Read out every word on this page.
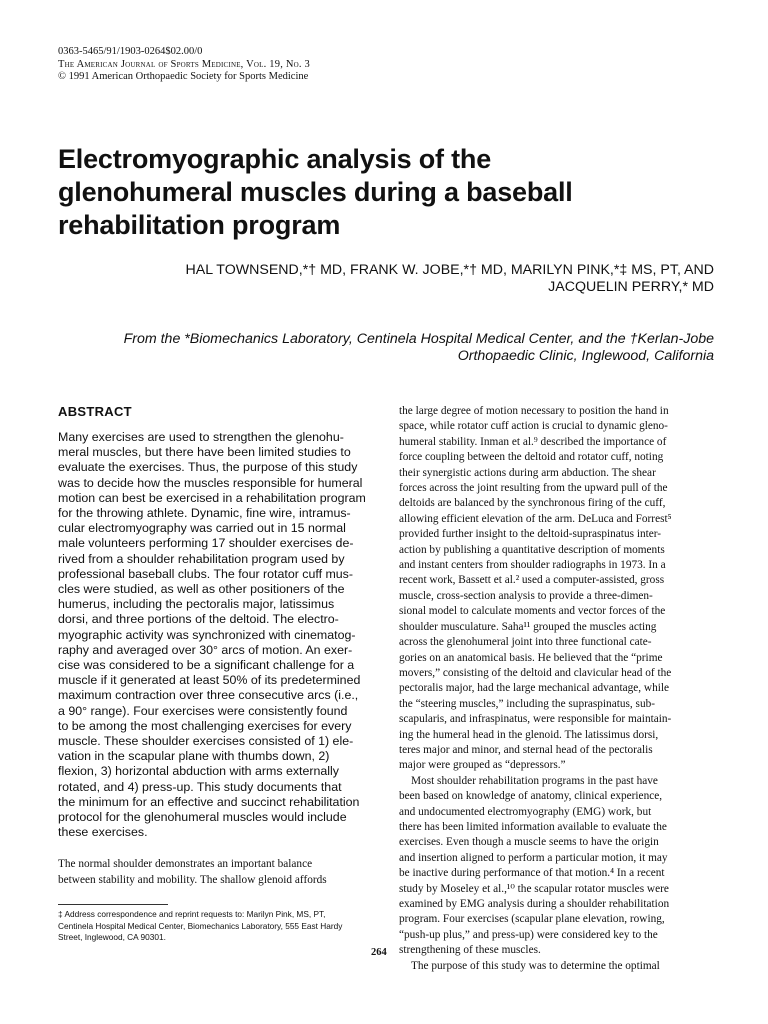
0363-5465/91/1903-0264$02.00/0
The American Journal of Sports Medicine, Vol. 19, No. 3
© 1991 American Orthopaedic Society for Sports Medicine
Electromyographic analysis of the
glenohumeral muscles during a baseball
rehabilitation program
HAL TOWNSEND,*† MD, FRANK W. JOBE,*† MD, MARILYN PINK,*‡ MS, PT, AND
JACQUELIN PERRY,* MD
From the *Biomechanics Laboratory, Centinela Hospital Medical Center, and the †Kerlan-Jobe
Orthopaedic Clinic, Inglewood, California
ABSTRACT
Many exercises are used to strengthen the glenohu-
meral muscles, but there have been limited studies to
evaluate the exercises. Thus, the purpose of this study
was to decide how the muscles responsible for humeral
motion can best be exercised in a rehabilitation program
for the throwing athlete. Dynamic, fine wire, intramus-
cular electromyography was carried out in 15 normal
male volunteers performing 17 shoulder exercises de-
rived from a shoulder rehabilitation program used by
professional baseball clubs. The four rotator cuff mus-
cles were studied, as well as other positioners of the
humerus, including the pectoralis major, latissimus
dorsi, and three portions of the deltoid. The electro-
myographic activity was synchronized with cinematog-
raphy and averaged over 30° arcs of motion. An exer-
cise was considered to be a significant challenge for a
muscle if it generated at least 50% of its predetermined
maximum contraction over three consecutive arcs (i.e.,
a 90° range). Four exercises were consistently found
to be among the most challenging exercises for every
muscle. These shoulder exercises consisted of 1) ele-
vation in the scapular plane with thumbs down, 2)
flexion, 3) horizontal abduction with arms externally
rotated, and 4) press-up. This study documents that
the minimum for an effective and succinct rehabilitation
protocol for the glenohumeral muscles would include
these exercises.
The normal shoulder demonstrates an important balance
between stability and mobility. The shallow glenoid affords
‡ Address correspondence and reprint requests to: Marilyn Pink, MS, PT,
Centinela Hospital Medical Center, Biomechanics Laboratory, 555 East Hardy
Street, Inglewood, CA 90301.
264
the large degree of motion necessary to position the hand in
space, while rotator cuff action is crucial to dynamic gleno-
humeral stability. Inman et al.⁹ described the importance of
force coupling between the deltoid and rotator cuff, noting
their synergistic actions during arm abduction. The shear
forces across the joint resulting from the upward pull of the
deltoids are balanced by the synchronous firing of the cuff,
allowing efficient elevation of the arm. DeLuca and Forrest⁵
provided further insight to the deltoid-supraspinatus inter-
action by publishing a quantitative description of moments
and instant centers from shoulder radiographs in 1973. In a
recent work, Bassett et al.² used a computer-assisted, gross
muscle, cross-section analysis to provide a three-dimen-
sional model to calculate moments and vector forces of the
shoulder musculature. Saha¹¹ grouped the muscles acting
across the glenohumeral joint into three functional cate-
gories on an anatomical basis. He believed that the “prime
movers,” consisting of the deltoid and clavicular head of the
pectoralis major, had the large mechanical advantage, while
the “steering muscles,” including the supraspinatus, sub-
scapularis, and infraspinatus, were responsible for maintain-
ing the humeral head in the glenoid. The latissimus dorsi,
teres major and minor, and sternal head of the pectoralis
major were grouped as “depressors.”
Most shoulder rehabilitation programs in the past have
been based on knowledge of anatomy, clinical experience,
and undocumented electromyography (EMG) work, but
there has been limited information available to evaluate the
exercises. Even though a muscle seems to have the origin
and insertion aligned to perform a particular motion, it may
be inactive during performance of that motion.⁴ In a recent
study by Moseley et al.,¹⁰ the scapular rotator muscles were
examined by EMG analysis during a shoulder rehabilitation
program. Four exercises (scapular plane elevation, rowing,
“push-up plus,” and press-up) were considered key to the
strengthening of these muscles.
The purpose of this study was to determine the optimal
